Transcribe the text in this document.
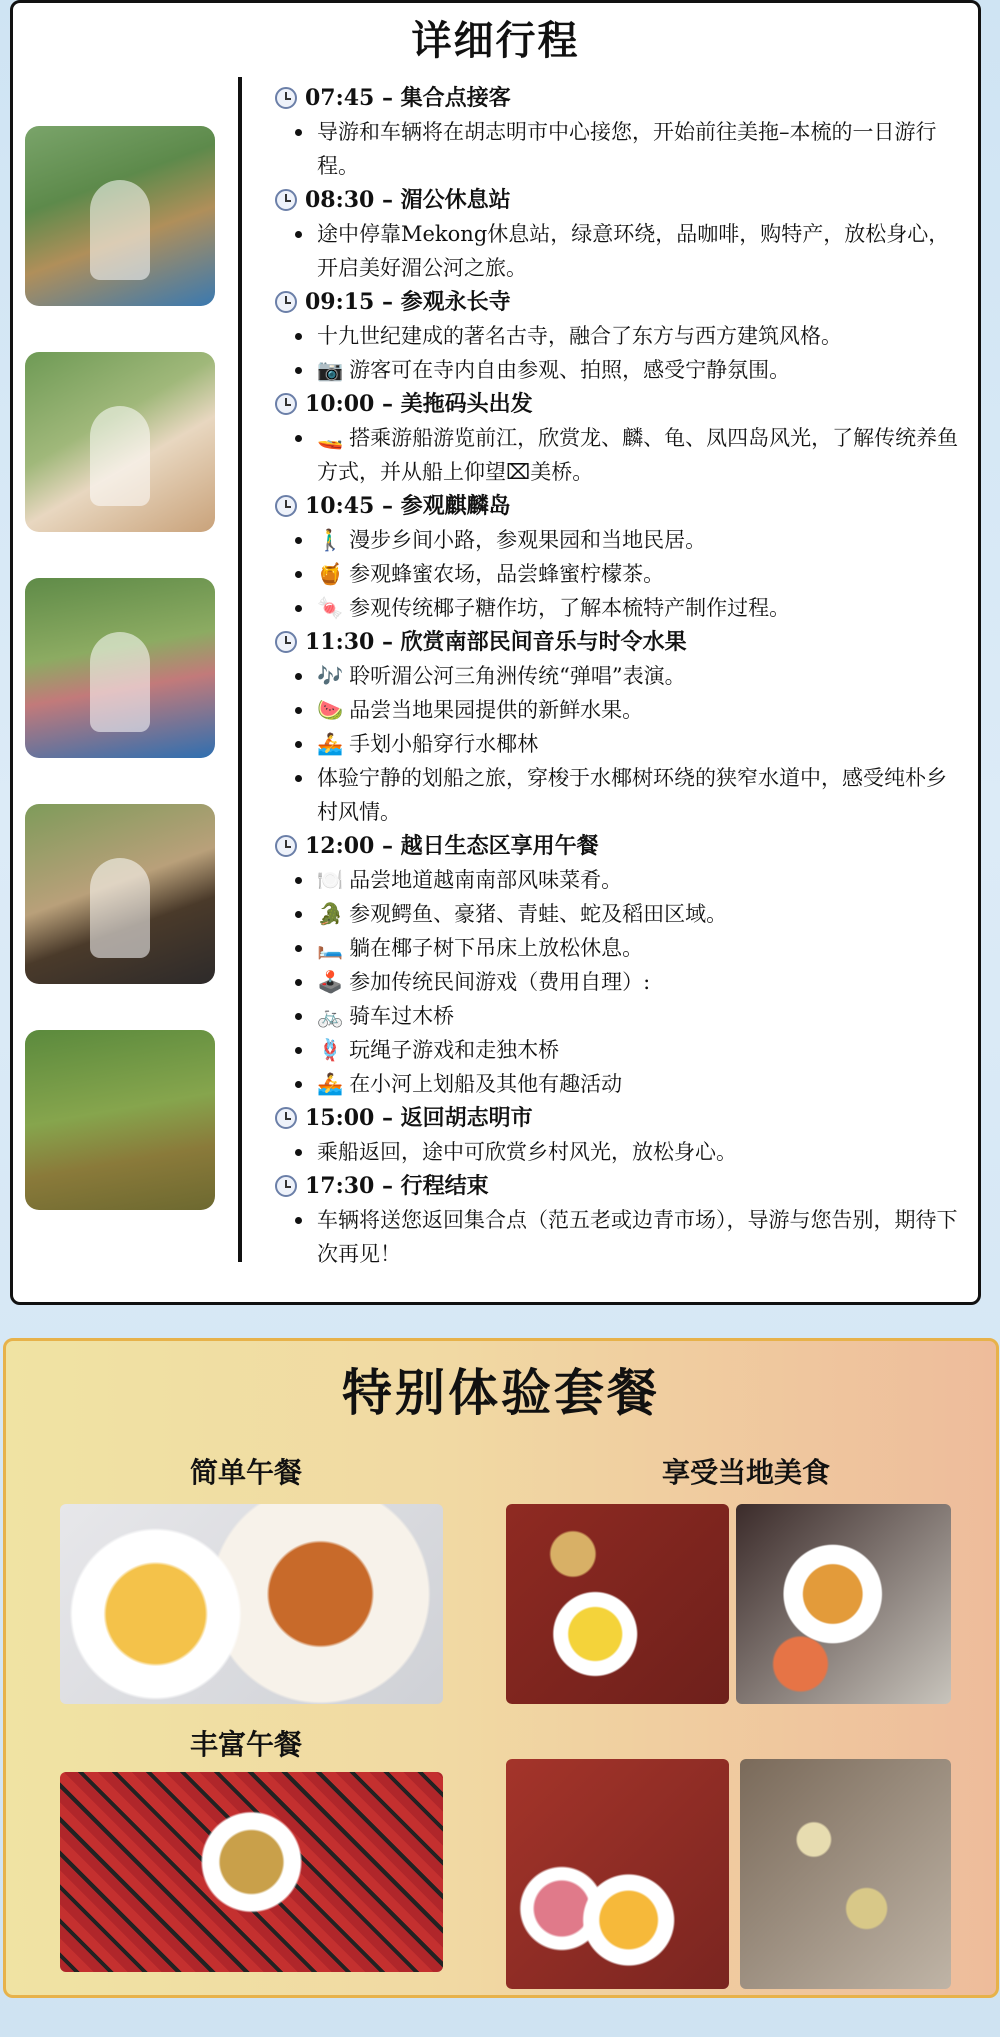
详细行程
07:45 – 集合点接客
导游和车辆将在胡志明市中心接您，开始前往美拖–本梳的一日游行程。
08:30 – 湄公休息站
途中停靠Mekong休息站，绿意环绕，品咖啡，购特产，放松身心，开启美好湄公河之旅。
09:15 – 参观永长寺
十九世纪建成的著名古寺，融合了东方与西方建筑风格。
📷 游客可在寺内自由参观、拍照，感受宁静氛围。
10:00 – 美拖码头出发
🚤 搭乘游船游览前江，欣赏龙、麟、龟、凤四岛风光，了解传统养鱼方式，并从船上仰望⌧美桥。
10:45 – 参观麒麟岛
🚶‍♂️ 漫步乡间小路，参观果园和当地民居。
🍯 参观蜂蜜农场，品尝蜂蜜柠檬茶。
🍬 参观传统椰子糖作坊，了解本梳特产制作过程。
11:30 – 欣赏南部民间音乐与时令水果
🎶 聆听湄公河三角洲传统“弹唱”表演。
🍉 品尝当地果园提供的新鲜水果。
🚣 手划小船穿行水椰林
体验宁静的划船之旅，穿梭于水椰树环绕的狭窄水道中，感受纯朴乡村风情。
12:00 – 越日生态区享用午餐
🍽️ 品尝地道越南南部风味菜肴。
🐊 参观鳄鱼、豪猪、青蛙、蛇及稻田区域。
🛏️ 躺在椰子树下吊床上放松休息。
🕹️ 参加传统民间游戏（费用自理）:
🚲 骑车过木桥
🪢 玩绳子游戏和走独木桥
🚣 在小河上划船及其他有趣活动
15:00 – 返回胡志明市
乘船返回，途中可欣赏乡村风光，放松身心。
17:30 – 行程结束
车辆将送您返回集合点（范五老或边青市场），导游与您告别，期待下次再见！
特别体验套餐
简单午餐	享受当地美食
丰富午餐
